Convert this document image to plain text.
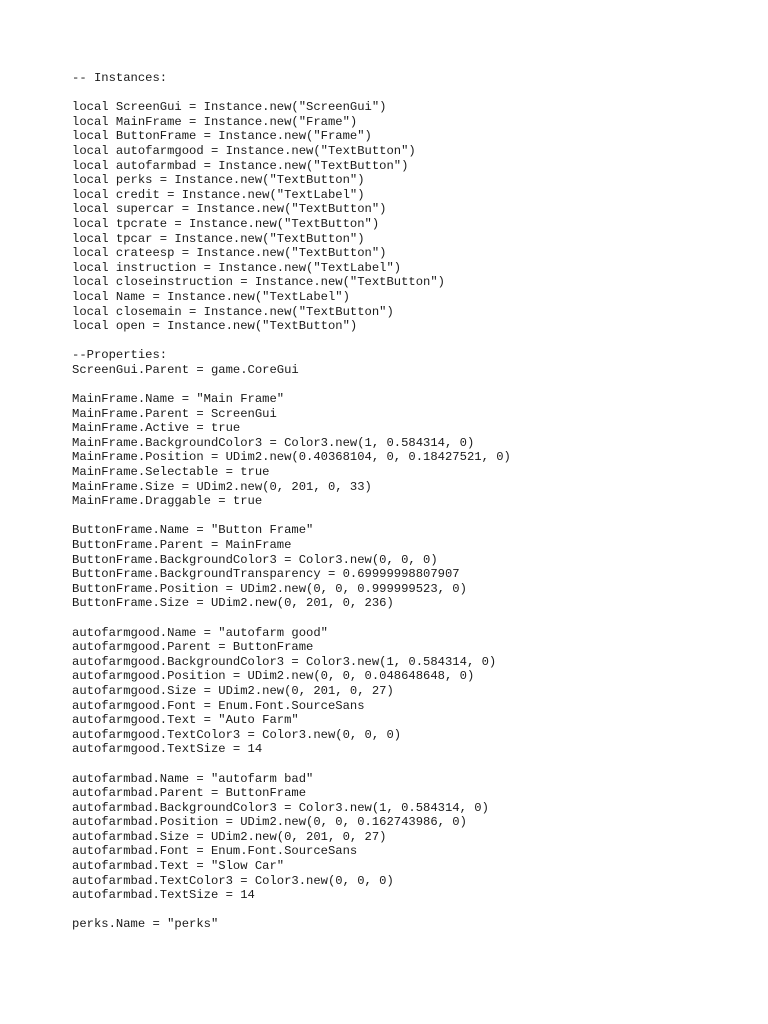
-- Instances:
local ScreenGui = Instance.new("ScreenGui")
local MainFrame = Instance.new("Frame")
local ButtonFrame = Instance.new("Frame")
local autofarmgood = Instance.new("TextButton")
local autofarmbad = Instance.new("TextButton")
local perks = Instance.new("TextButton")
local credit = Instance.new("TextLabel")
local supercar = Instance.new("TextButton")
local tpcrate = Instance.new("TextButton")
local tpcar = Instance.new("TextButton")
local crateesp = Instance.new("TextButton")
local instruction = Instance.new("TextLabel")
local closeinstruction = Instance.new("TextButton")
local Name = Instance.new("TextLabel")
local closemain = Instance.new("TextButton")
local open = Instance.new("TextButton")
--Properties:
ScreenGui.Parent = game.CoreGui
MainFrame.Name = "Main Frame"
MainFrame.Parent = ScreenGui
MainFrame.Active = true
MainFrame.BackgroundColor3 = Color3.new(1, 0.584314, 0)
MainFrame.Position = UDim2.new(0.40368104, 0, 0.18427521, 0)
MainFrame.Selectable = true
MainFrame.Size = UDim2.new(0, 201, 0, 33)
MainFrame.Draggable = true
ButtonFrame.Name = "Button Frame"
ButtonFrame.Parent = MainFrame
ButtonFrame.BackgroundColor3 = Color3.new(0, 0, 0)
ButtonFrame.BackgroundTransparency = 0.69999998807907
ButtonFrame.Position = UDim2.new(0, 0, 0.999999523, 0)
ButtonFrame.Size = UDim2.new(0, 201, 0, 236)
autofarmgood.Name = "autofarm good"
autofarmgood.Parent = ButtonFrame
autofarmgood.BackgroundColor3 = Color3.new(1, 0.584314, 0)
autofarmgood.Position = UDim2.new(0, 0, 0.048648648, 0)
autofarmgood.Size = UDim2.new(0, 201, 0, 27)
autofarmgood.Font = Enum.Font.SourceSans
autofarmgood.Text = "Auto Farm"
autofarmgood.TextColor3 = Color3.new(0, 0, 0)
autofarmgood.TextSize = 14
autofarmbad.Name = "autofarm bad"
autofarmbad.Parent = ButtonFrame
autofarmbad.BackgroundColor3 = Color3.new(1, 0.584314, 0)
autofarmbad.Position = UDim2.new(0, 0, 0.162743986, 0)
autofarmbad.Size = UDim2.new(0, 201, 0, 27)
autofarmbad.Font = Enum.Font.SourceSans
autofarmbad.Text = "Slow Car"
autofarmbad.TextColor3 = Color3.new(0, 0, 0)
autofarmbad.TextSize = 14
perks.Name = "perks"
